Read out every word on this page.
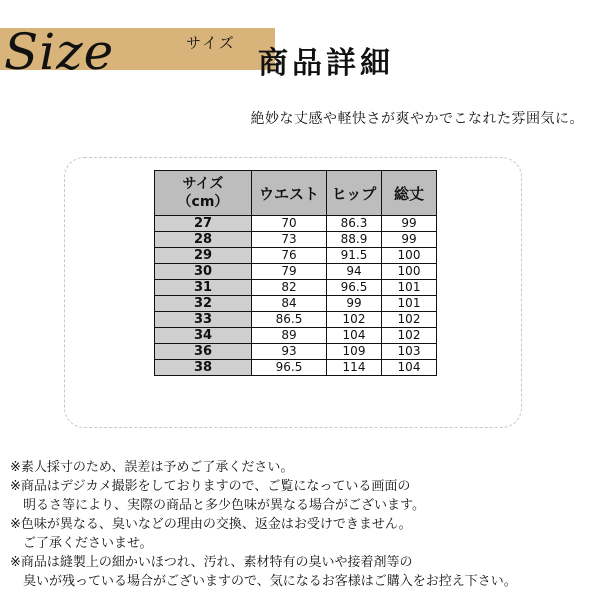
Size	サイズ
商品詳細
絶妙な丈感や軽快さが爽やかでこなれた雰囲気に。
サイズ
（cm）	ウエスト	ヒップ	総丈
27	70	86.3	99
28	73	88.9	99
29	76	91.5	100
30	79	94	100
31	82	96.5	101
32	84	99	101
33	86.5	102	102
34	89	104	102
36	93	109	103
38	96.5	114	104

※素人採寸のため、誤差は予めご了承ください。

※商品はデジカメ撮影をしておりますので、ご覧になっている画面の

　明るさ等により、実際の商品と多少色味が異なる場合がございます。

※色味が異なる、臭いなどの理由の交換、返金はお受けできません。

　ご了承くださいませ。

※商品は縫製上の細かいほつれ、汚れ、素材特有の臭いや接着剤等の

　臭いが残っている場合がございますので、気になるお客様はご購入をお控え下さい。
